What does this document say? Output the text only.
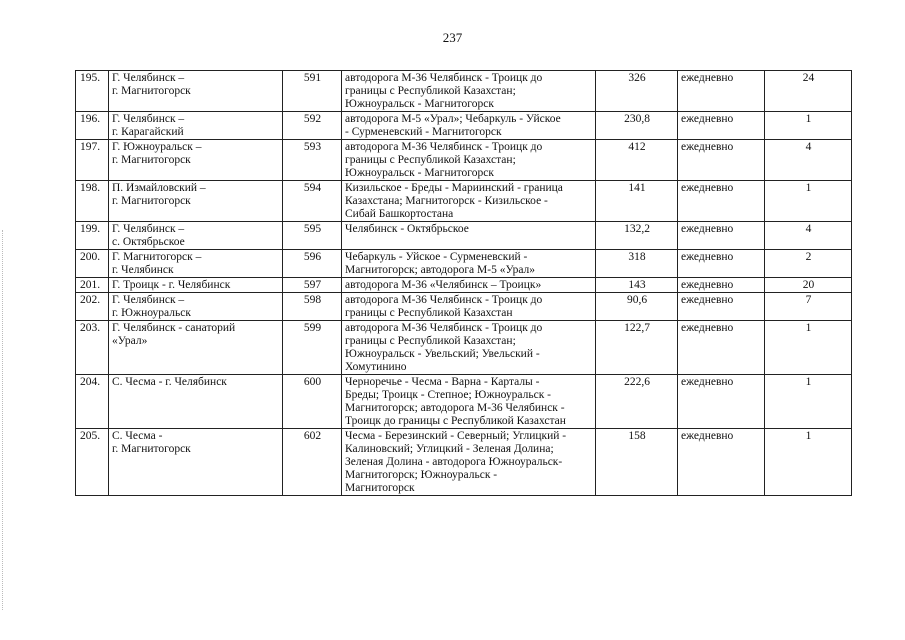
237
195.	Г. Челябинск –
г. Магнитогорск	591	автодорога М-36 Челябинск - Троицк до
границы с Республикой Казахстан;
Южноуральск - Магнитогорск	326	ежедневно	24
196.	Г. Челябинск –
г. Карагайский	592	автодорога М-5 «Урал»; Чебаркуль - Уйское
- Сурменевский - Магнитогорск	230,8	ежедневно	1
197.	Г. Южноуральск –
г. Магнитогорск	593	автодорога М-36 Челябинск - Троицк до
границы с Республикой Казахстан;
Южноуральск - Магнитогорск	412	ежедневно	4
198.	П. Измайловский –
г. Магнитогорск	594	Кизильское - Бреды - Мариинский - граница
Казахстана; Магнитогорск - Кизильское -
Сибай Башкортостана	141	ежедневно	1
199.	Г. Челябинск –
с. Октябрьское	595	Челябинск - Октябрьское	132,2	ежедневно	4
200.	Г. Магнитогорск –
г. Челябинск	596	Чебаркуль - Уйское - Сурменевский -
Магнитогорск; автодорога М-5 «Урал»	318	ежедневно	2
201.	Г. Троицк - г. Челябинск	597	автодорога М-36 «Челябинск – Троицк»	143	ежедневно	20
202.	Г. Челябинск –
г. Южноуральск	598	автодорога М-36 Челябинск - Троицк до
границы с Республикой Казахстан	90,6	ежедневно	7
203.	Г. Челябинск - санаторий
«Урал»	599	автодорога М-36 Челябинск - Троицк до
границы с Республикой Казахстан;
Южноуральск - Увельский; Увельский -
Хомутинино	122,7	ежедневно	1
204.	С. Чесма - г. Челябинск	600	Черноречье - Чесма - Варна - Карталы -
Бреды; Троицк - Степное; Южноуральск -
Магнитогорск; автодорога М-36 Челябинск -
Троицк до границы с Республикой Казахстан	222,6	ежедневно	1
205.	С. Чесма -
г. Магнитогорск	602	Чесма - Березинский - Северный; Углицкий -
Калиновский; Углицкий - Зеленая Долина;
Зеленая Долина - автодорога Южноуральск-
Магнитогорск; Южноуральск -
Магнитогорск	158	ежедневно	1
